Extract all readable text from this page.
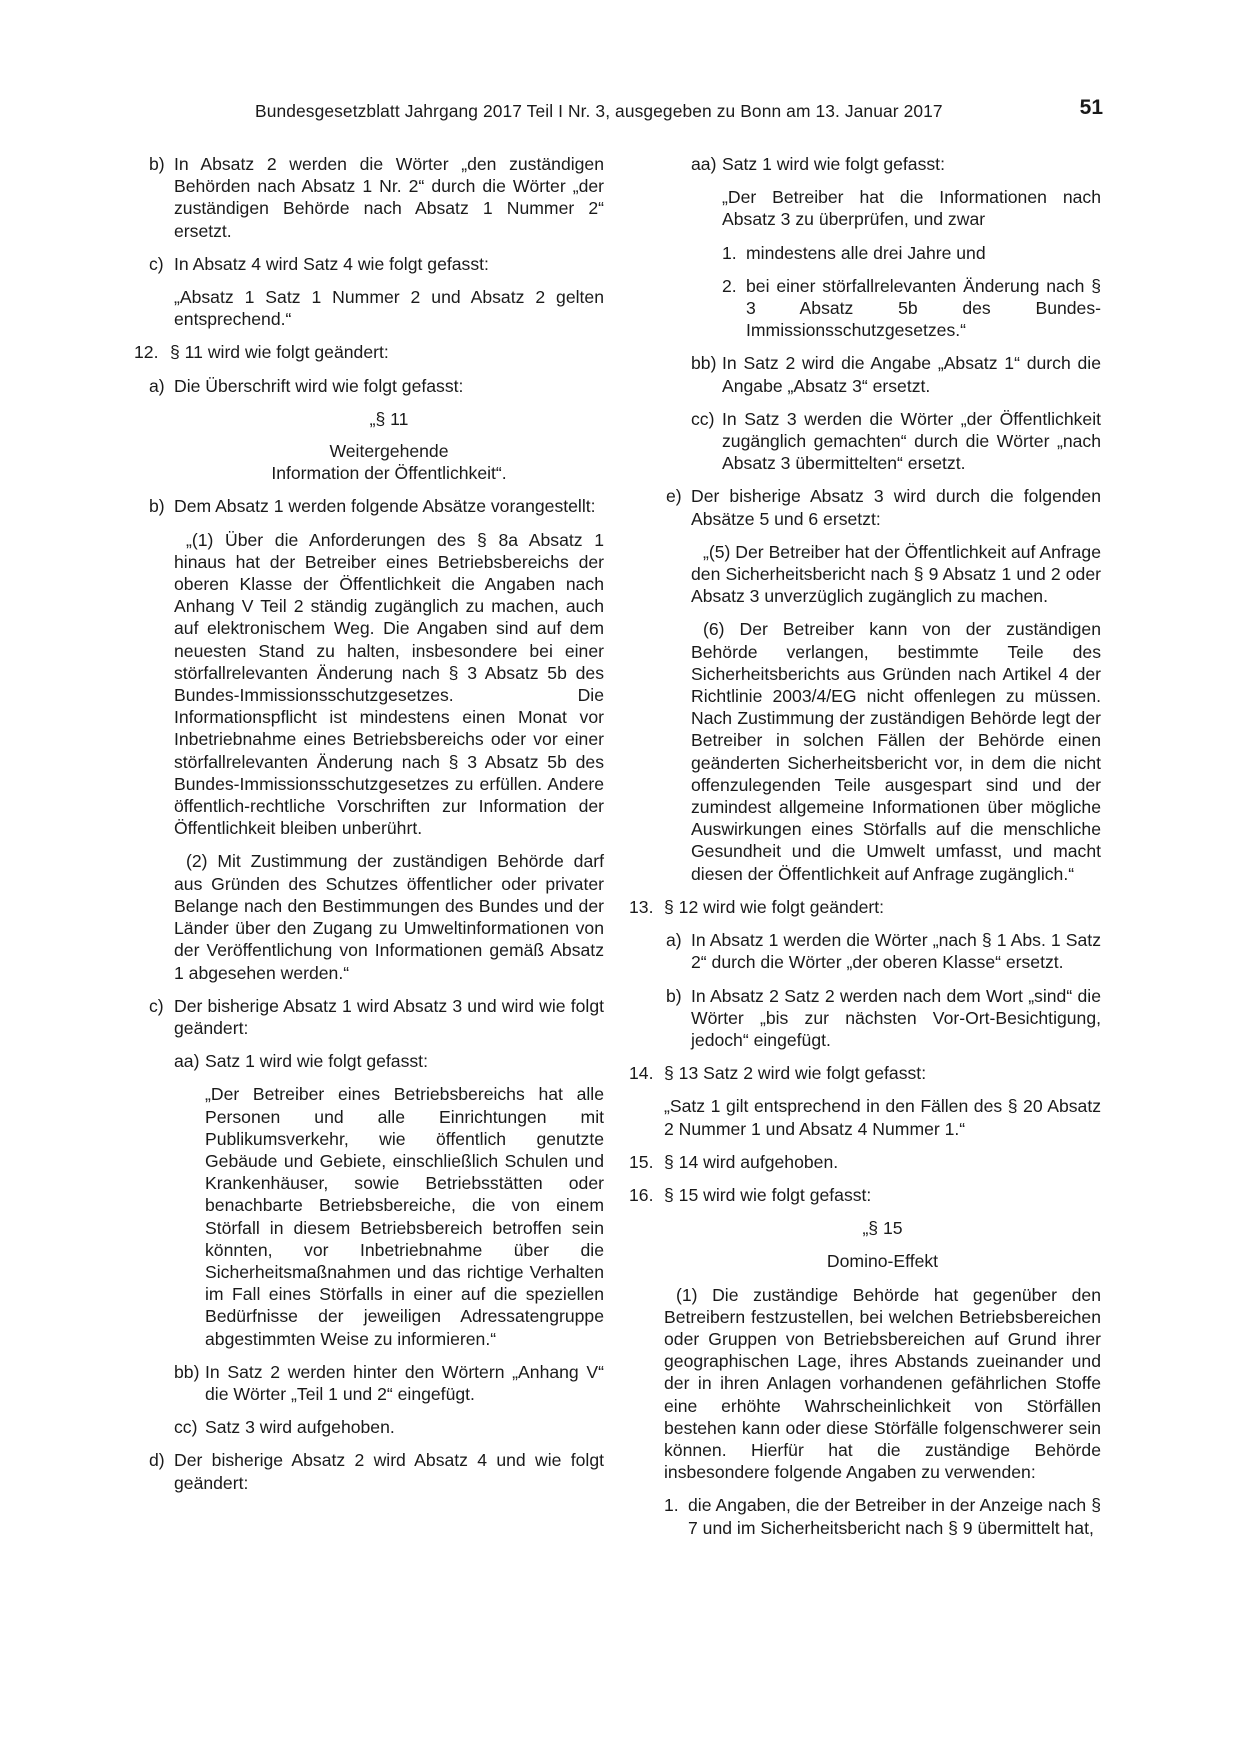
Bundesgesetzblatt Jahrgang 2017 Teil I Nr. 3, ausgegeben zu Bonn am 13. Januar 2017	51
b) In Absatz 2 werden die Wörter „den zuständigen Behörden nach Absatz 1 Nr. 2“ durch die Wörter „der zuständigen Behörde nach Absatz 1 Nummer 2“ ersetzt.
c) In Absatz 4 wird Satz 4 wie folgt gefasst:
„Absatz 1 Satz 1 Nummer 2 und Absatz 2 gelten entsprechend.“
12. § 11 wird wie folgt geändert:
a) Die Überschrift wird wie folgt gefasst:
„§ 11
Weitergehende
Information der Öffentlichkeit“.
b) Dem Absatz 1 werden folgende Absätze vorangestellt:
„(1) Über die Anforderungen des § 8a Absatz 1 hinaus hat der Betreiber eines Betriebsbereichs der oberen Klasse der Öffentlichkeit die Angaben nach Anhang V Teil 2 ständig zugänglich zu machen, auch auf elektronischem Weg. Die Angaben sind auf dem neuesten Stand zu halten, insbesondere bei einer störfallrelevanten Änderung nach § 3 Absatz 5b des Bundes-Immissionsschutzgesetzes. Die Informationspflicht ist mindestens einen Monat vor Inbetriebnahme eines Betriebsbereichs oder vor einer störfallrelevanten Änderung nach § 3 Absatz 5b des Bundes-Immissionsschutzgesetzes zu erfüllen. Andere öffentlich-rechtliche Vorschriften zur Information der Öffentlichkeit bleiben unberührt.
(2) Mit Zustimmung der zuständigen Behörde darf aus Gründen des Schutzes öffentlicher oder privater Belange nach den Bestimmungen des Bundes und der Länder über den Zugang zu Umweltinformationen von der Veröffentlichung von Informationen gemäß Absatz 1 abgesehen werden.“
c) Der bisherige Absatz 1 wird Absatz 3 und wird wie folgt geändert:
aa) Satz 1 wird wie folgt gefasst:
„Der Betreiber eines Betriebsbereichs hat alle Personen und alle Einrichtungen mit Publikumsverkehr, wie öffentlich genutzte Gebäude und Gebiete, einschließlich Schulen und Krankenhäuser, sowie Betriebsstätten oder benachbarte Betriebsbereiche, die von einem Störfall in diesem Betriebsbereich betroffen sein könnten, vor Inbetriebnahme über die Sicherheitsmaßnahmen und das richtige Verhalten im Fall eines Störfalls in einer auf die speziellen Bedürfnisse der jeweiligen Adressatengruppe abgestimmten Weise zu informieren.“
bb) In Satz 2 werden hinter den Wörtern „Anhang V“ die Wörter „Teil 1 und 2“ eingefügt.
cc) Satz 3 wird aufgehoben.
d) Der bisherige Absatz 2 wird Absatz 4 und wie folgt geändert:
aa) Satz 1 wird wie folgt gefasst:
„Der Betreiber hat die Informationen nach Absatz 3 zu überprüfen, und zwar
1. mindestens alle drei Jahre und
2. bei einer störfallrelevanten Änderung nach § 3 Absatz 5b des Bundes-Immissionsschutzgesetzes.“
bb) In Satz 2 wird die Angabe „Absatz 1“ durch die Angabe „Absatz 3“ ersetzt.
cc) In Satz 3 werden die Wörter „der Öffentlichkeit zugänglich gemachten“ durch die Wörter „nach Absatz 3 übermittelten“ ersetzt.
e) Der bisherige Absatz 3 wird durch die folgenden Absätze 5 und 6 ersetzt:
„(5) Der Betreiber hat der Öffentlichkeit auf Anfrage den Sicherheitsbericht nach § 9 Absatz 1 und 2 oder Absatz 3 unverzüglich zugänglich zu machen.
(6) Der Betreiber kann von der zuständigen Behörde verlangen, bestimmte Teile des Sicherheitsberichts aus Gründen nach Artikel 4 der Richtlinie 2003/4/EG nicht offenlegen zu müssen. Nach Zustimmung der zuständigen Behörde legt der Betreiber in solchen Fällen der Behörde einen geänderten Sicherheitsbericht vor, in dem die nicht offenzulegenden Teile ausgespart sind und der zumindest allgemeine Informationen über mögliche Auswirkungen eines Störfalls auf die menschliche Gesundheit und die Umwelt umfasst, und macht diesen der Öffentlichkeit auf Anfrage zugänglich.“
13. § 12 wird wie folgt geändert:
a) In Absatz 1 werden die Wörter „nach § 1 Abs. 1 Satz 2“ durch die Wörter „der oberen Klasse“ ersetzt.
b) In Absatz 2 Satz 2 werden nach dem Wort „sind“ die Wörter „bis zur nächsten Vor-Ort-Besichtigung, jedoch“ eingefügt.
14. § 13 Satz 2 wird wie folgt gefasst:
„Satz 1 gilt entsprechend in den Fällen des § 20 Absatz 2 Nummer 1 und Absatz 4 Nummer 1.“
15. § 14 wird aufgehoben.
16. § 15 wird wie folgt gefasst:
„§ 15
Domino-Effekt
(1) Die zuständige Behörde hat gegenüber den Betreibern festzustellen, bei welchen Betriebsbereichen oder Gruppen von Betriebsbereichen auf Grund ihrer geographischen Lage, ihres Abstands zueinander und der in ihren Anlagen vorhandenen gefährlichen Stoffe eine erhöhte Wahrscheinlichkeit von Störfällen bestehen kann oder diese Störfälle folgenschwerer sein können. Hierfür hat die zuständige Behörde insbesondere folgende Angaben zu verwenden:
1. die Angaben, die der Betreiber in der Anzeige nach § 7 und im Sicherheitsbericht nach § 9 übermittelt hat,
